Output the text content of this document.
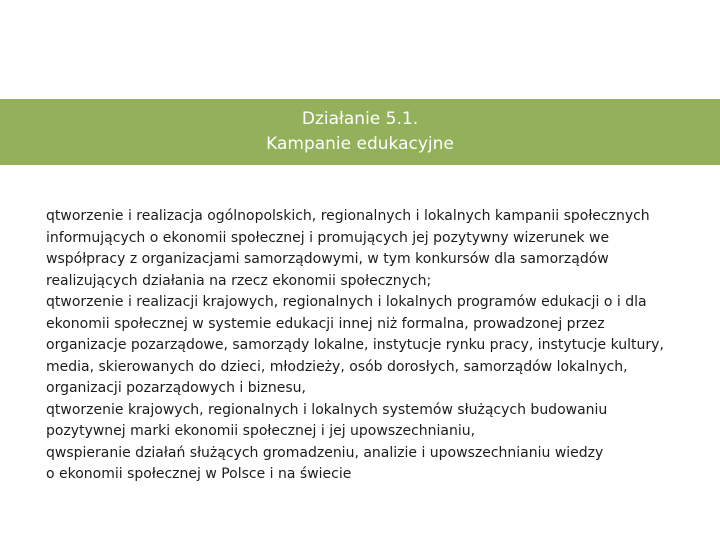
Działanie 5.1.
Kampanie edukacyjne
qtworzenie i realizacja ogólnopolskich, regionalnych i lokalnych kampanii społecznych
informujących o ekonomii społecznej i promujących jej pozytywny wizerunek we
współpracy z organizacjami samorządowymi, w tym konkursów dla samorządów
realizujących działania na rzecz ekonomii społecznych;
qtworzenie i realizacji krajowych, regionalnych i lokalnych programów edukacji o i dla
ekonomii społecznej w systemie edukacji innej niż formalna, prowadzonej przez
organizacje pozarządowe, samorządy lokalne, instytucje rynku pracy, instytucje kultury,
media, skierowanych do dzieci, młodzieży, osób dorosłych, samorządów lokalnych,
organizacji pozarządowych i biznesu,
qtworzenie krajowych, regionalnych i lokalnych systemów służących budowaniu
pozytywnej marki ekonomii społecznej i jej upowszechnianiu,
qwspieranie działań służących gromadzeniu, analizie i upowszechnianiu wiedzy
o ekonomii społecznej w Polsce i na świecie
